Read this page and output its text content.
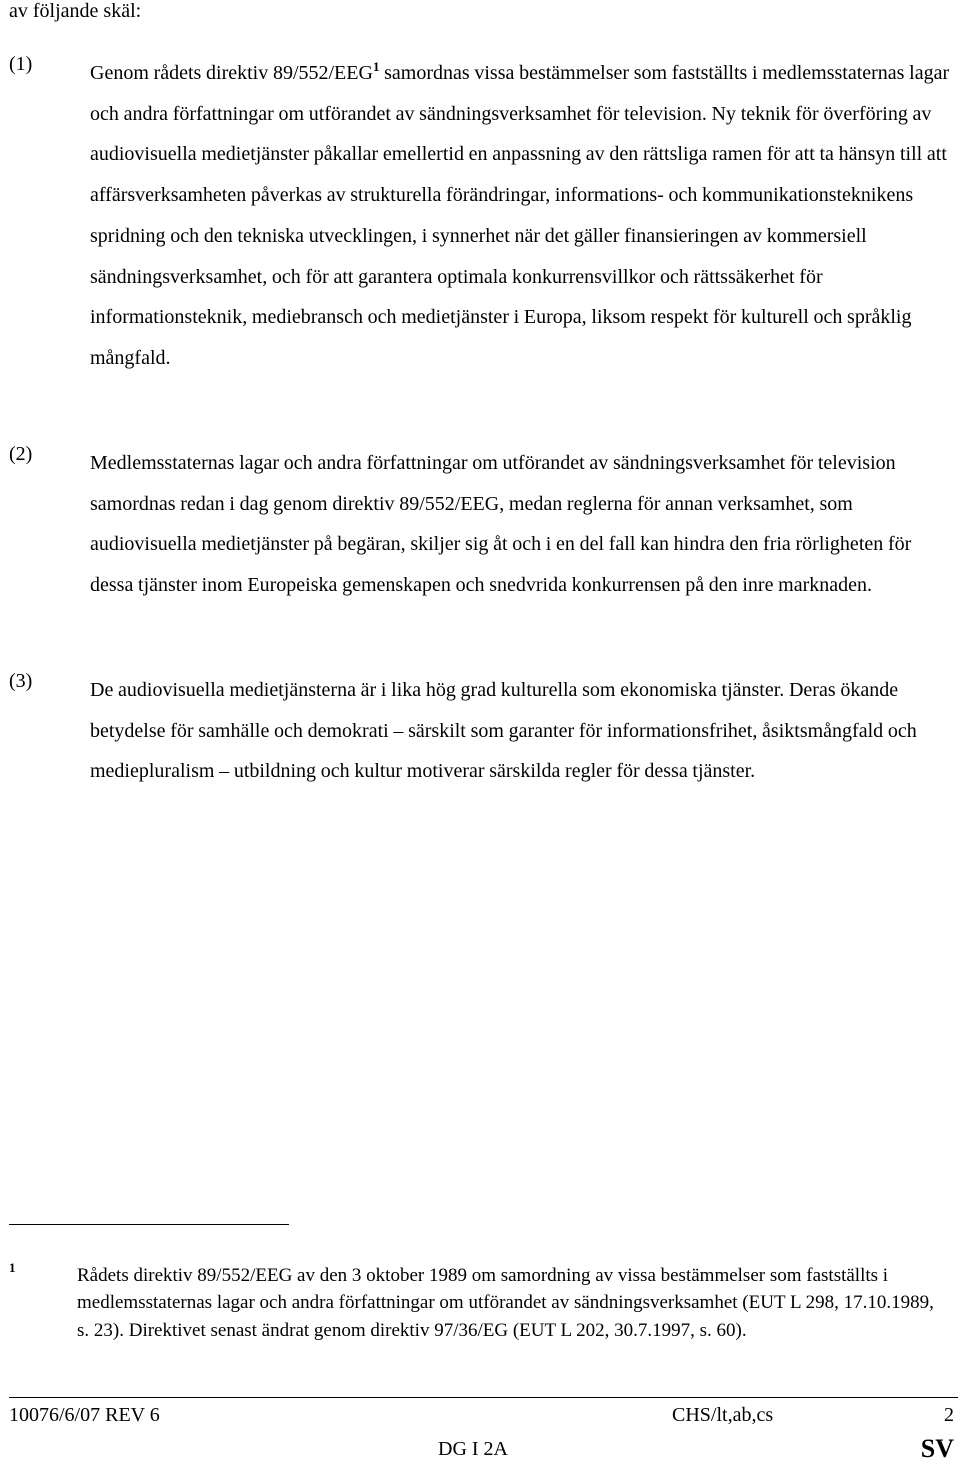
av följande skäl:

(1)	Genom rådets direktiv 89/552/EEG$^1$ samordnas vissa bestämmelser som fastställts i medlemsstaternas lagar och andra författningar om utförandet av sändningsverksamhet för television. Ny teknik för överföring av audiovisuella medietjänster påkallar emellertid en anpassning av den rättsliga ramen för att ta hänsyn till att affärsverksamheten påverkas av strukturella förändringar, informations- och kommunikationsteknikens spridning och den tekniska utvecklingen, i synnerhet när det gäller finansieringen av kommersiell sändningsverksamhet, och för att garantera optimala konkurrensvillkor och rättssäkerhet för informationsteknik, mediebransch och medietjänster i Europa, liksom respekt för kulturell och språklig mångfald.
(2)	Medlemsstaternas lagar och andra författningar om utförandet av sändningsverksamhet för television samordnas redan i dag genom direktiv 89/552/EEG, medan reglerna för annan verksamhet, som audiovisuella medietjänster på begäran, skiljer sig åt och i en del fall kan hindra den fria rörligheten för dessa tjänster inom Europeiska gemenskapen och snedvrida konkurrensen på den inre marknaden.
(3)	De audiovisuella medietjänsterna är i lika hög grad kulturella som ekonomiska tjänster. Deras ökande betydelse för samhälle och demokrati – särskilt som garanter för informationsfrihet, åsiktsmångfald och mediepluralism – utbildning och kultur motiverar särskilda regler för dessa tjänster.
1	Rådets direktiv 89/552/EEG av den 3 oktober 1989 om samordning av vissa bestämmelser som fastställts i medlemsstaternas lagar och andra författningar om utförandet av sändningsverksamhet (EUT L 298, 17.10.1989, s. 23). Direktivet senast ändrat genom direktiv 97/36/EG (EUT L 202, 30.7.1997, s. 60).
10076/6/07 REV 6	CHS/lt,ab,cs	2
DG I 2A	SV
